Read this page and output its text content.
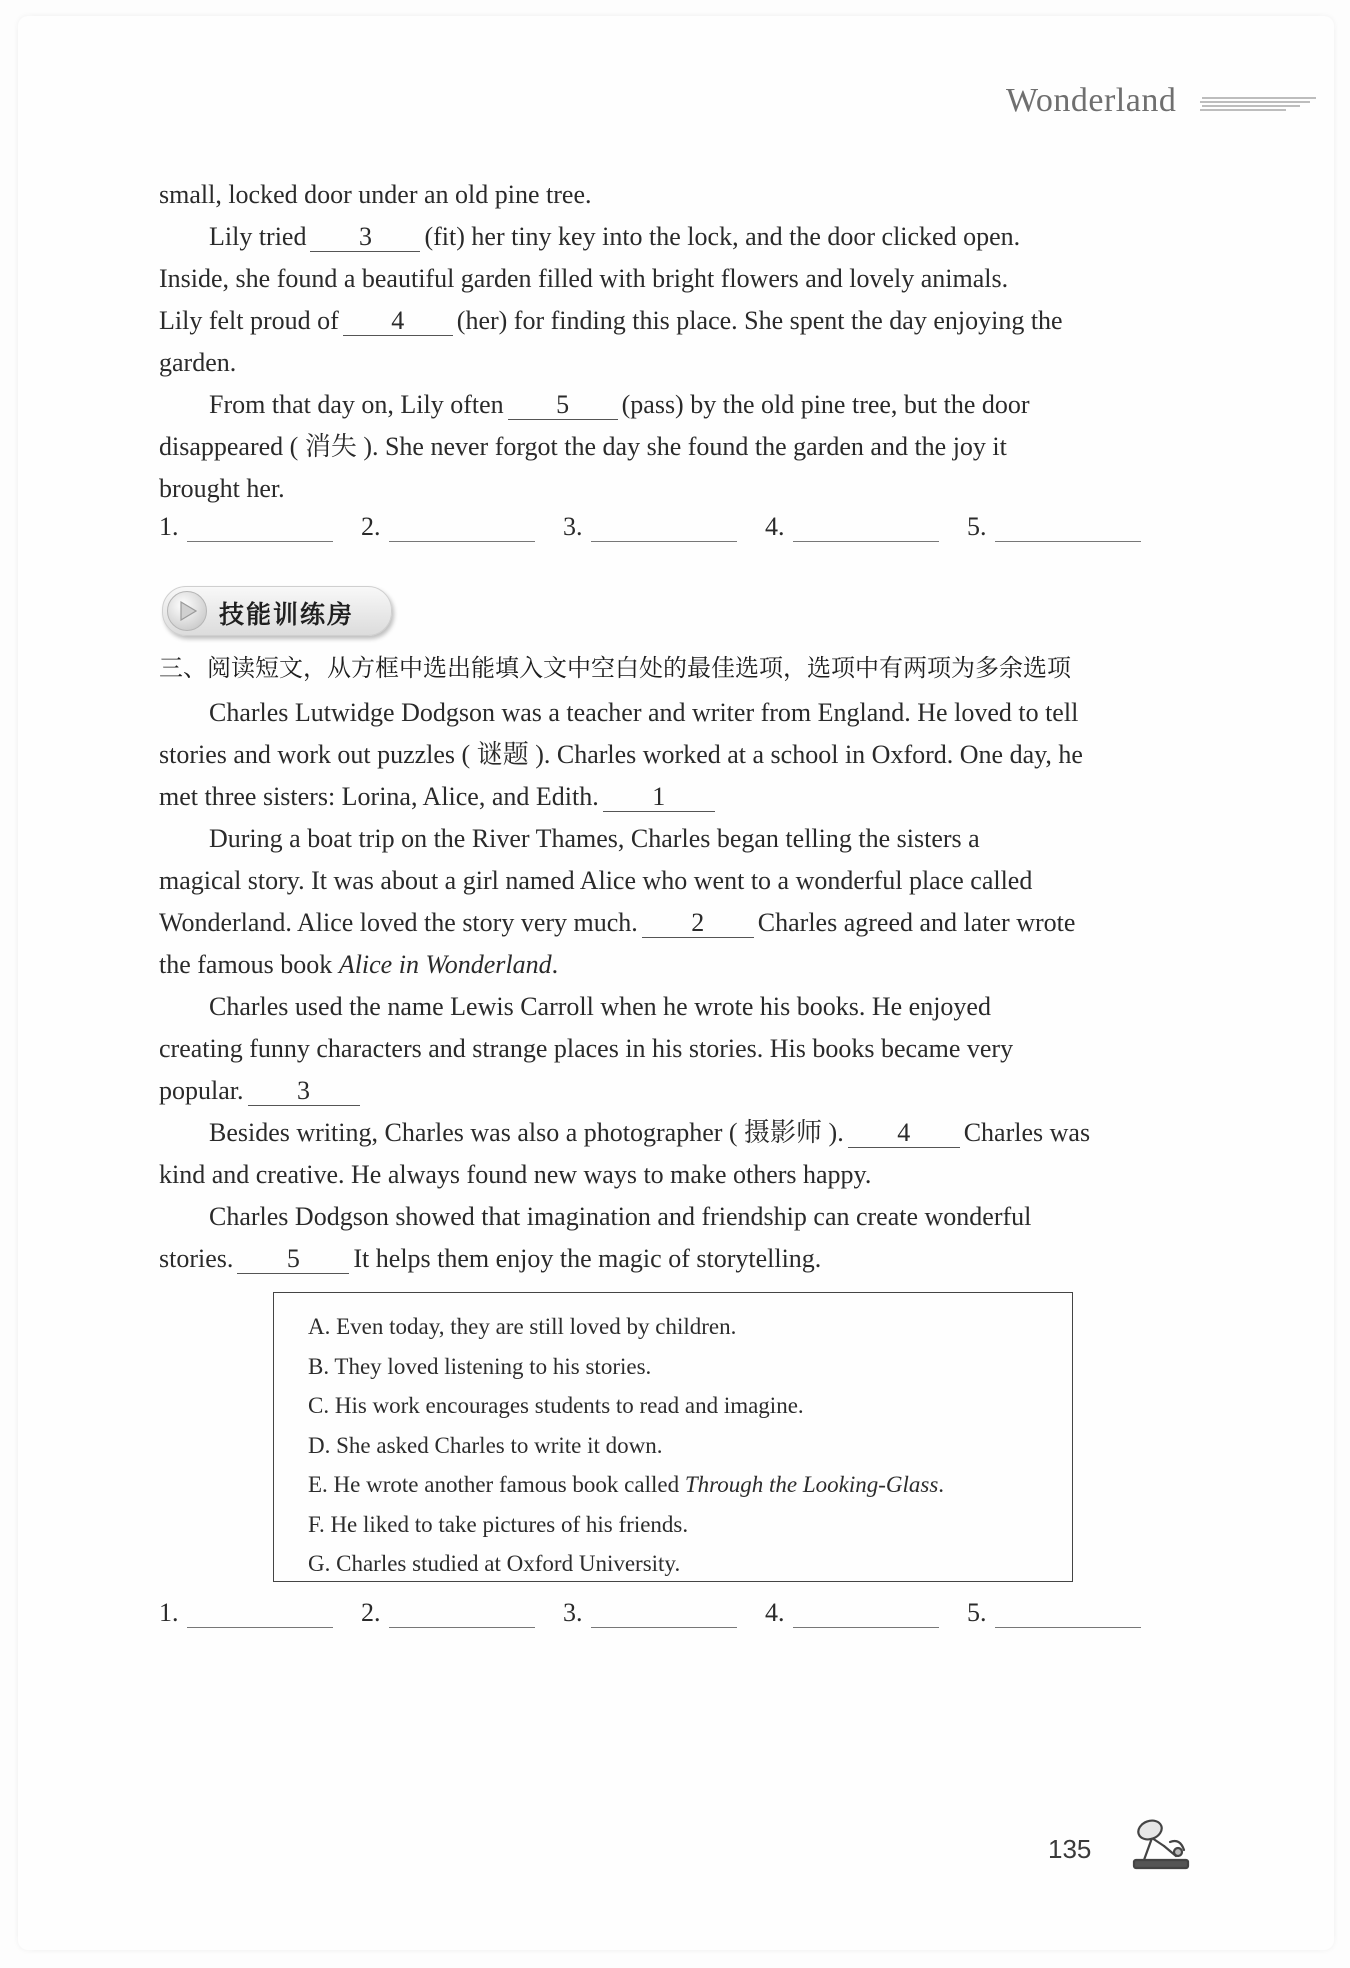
Wonderland

small, locked door under an old pine tree.

Lily tried 3 (fit) her tiny key into the lock, and the door clicked open.

Inside, she found a beautiful garden filled with bright flowers and lovely animals.

Lily felt proud of 4 (her) for finding this place. She spent the day enjoying the

garden.

From that day on, Lily often 5 (pass) by the old pine tree, but the door

disappeared ( 消失 ). She never forgot the day she found the garden and the joy it

brought her.

1.	2.	3.	4.	5.
技能训练房
三、阅读短文，从方框中选出能填入文中空白处的最佳选项，选项中有两项为多余选项

Charles Lutwidge Dodgson was a teacher and writer from England. He loved to tell

stories and work out puzzles ( 谜题 ). Charles worked at a school in Oxford. One day, he

met three sisters: Lorina, Alice, and Edith. 1

During a boat trip on the River Thames, Charles began telling the sisters a

magical story. It was about a girl named Alice who went to a wonderful place called

Wonderland. Alice loved the story very much. 2 Charles agreed and later wrote

the famous book Alice in Wonderland.

Charles used the name Lewis Carroll when he wrote his books. He enjoyed

creating funny characters and strange places in his stories. His books became very

popular. 3

Besides writing, Charles was also a photographer ( 摄影师 ). 4 Charles was

kind and creative. He always found new ways to make others happy.

Charles Dodgson showed that imagination and friendship can create wonderful

stories. 5 It helps them enjoy the magic of storytelling.

A. Even today, they are still loved by children.
B. They loved listening to his stories.
C. His work encourages students to read and imagine.
D. She asked Charles to write it down.
E. He wrote another famous book called Through the Looking-Glass.
F. He liked to take pictures of his friends.
G. Charles studied at Oxford University.
1.	2.	3.	4.	5.
135
